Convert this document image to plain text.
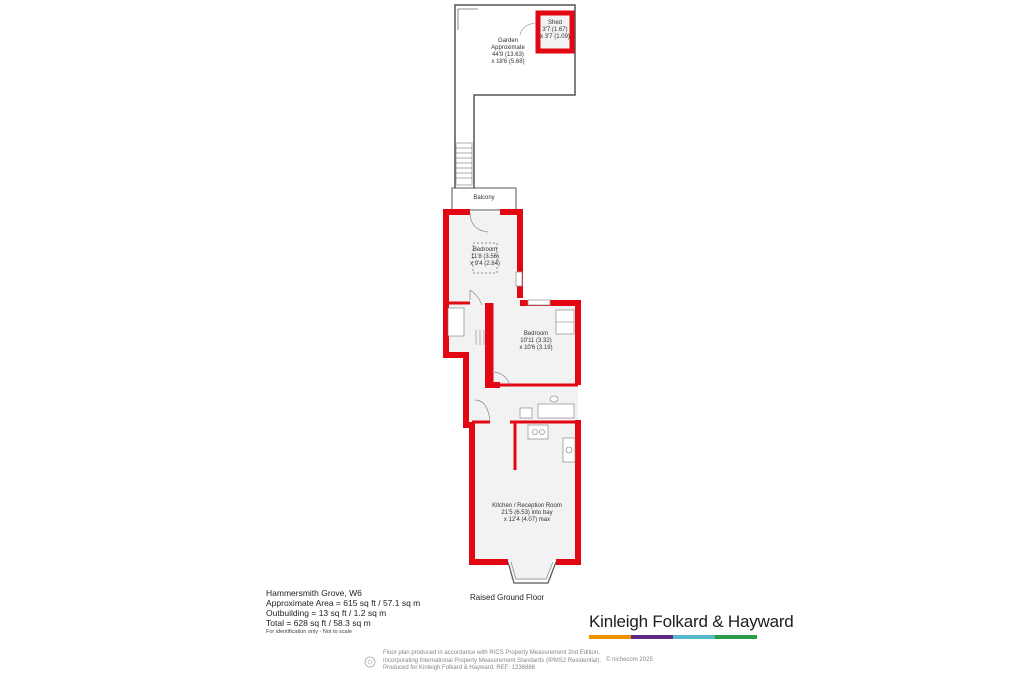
Shed
3'7 (1.67)
x 3'7 (1.09)
Garden
Approximate
44'9 (13.63)
x 18'6 (5.68)
Balcony
Bedroom
11'8 (3.56)
x 9'4 (2.84)
Bedroom
10'11 (3.32)
x 10'6 (3.19)
Kitchen / Reception Room
21'5 (6.53) into bay
x 12'4 (4.07) max
Raised Ground Floor
Hammersmith Grove, W6
Approximate Area = 615 sq ft / 57.1 sq m
Outbuilding = 13 sq ft / 1.2 sq m
Total = 628 sq ft / 58.3 sq m
For identification only - Not to scale
Kinleigh Folkard & Hayward
Floor plan produced in accordance with RICS Property Measurement 2nd Edition,
Incorporating International Property Measurement Standards (IPMS2 Residential).
Produced for Kinleigh Folkard & Hayward. REF: 1236886
© nichecom 2025
